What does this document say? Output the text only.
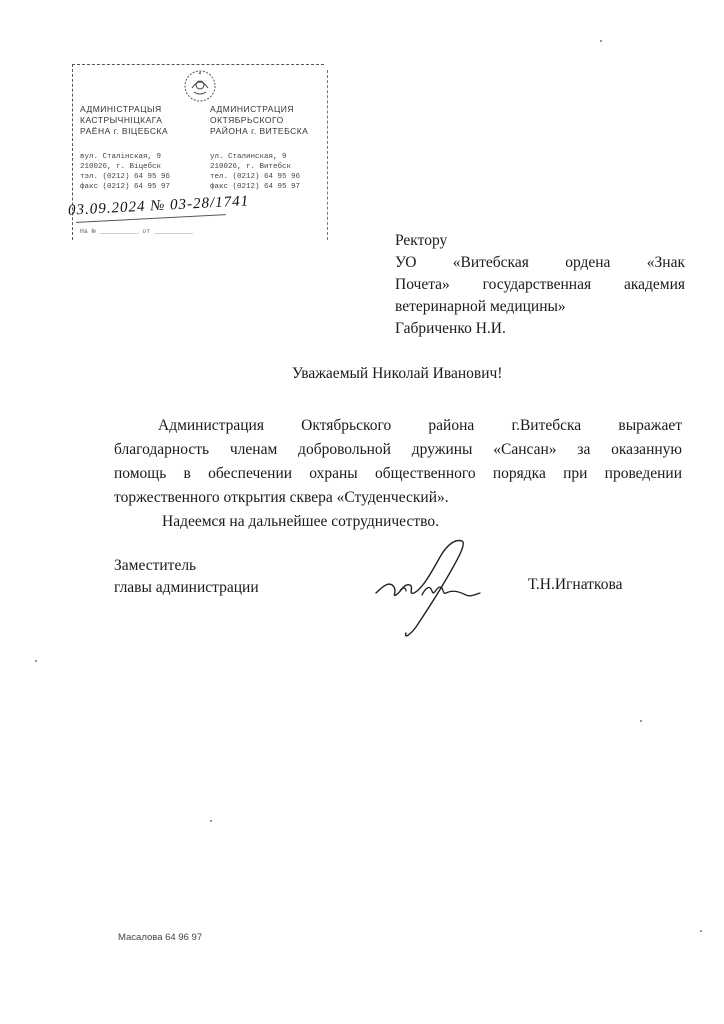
АДМИНІСТРАЦЫЯ
КАСТРЫЧНІЦКАГА
РАЁНА г. ВІЦЕБСКА
АДМИНИСТРАЦИЯ
ОКТЯБРЬСКОГО
РАЙОНА г. ВИТЕБСКА
вул. Сталінская, 9
210026, г. Віцебск
тэл. (0212) 64 95 96
факс (0212) 64 95 97
ул. Сталинская, 9
210026, г. Витебск
тел. (0212) 64 95 96
факс (0212) 64 95 97
03.09.2024 № 03-28/1741
На № __________ от __________
Ректору
УО «Витебская ордена «Знак
Почета» государственная академия
ветеринарной медицины»
Габриченко Н.И.
Уважаемый Николай Иванович!
Администрация Октябрьского района г.Витебска выражает
благодарность членам добровольной дружины «Сансан» за оказанную
помощь в обеспечении охраны общественного порядка при проведении
торжественного открытия сквера «Студенческий».
Надеемся на дальнейшее сотрудничество.
Заместитель
главы администрации	Т.Н.Игнаткова
Масалова 64 96 97
